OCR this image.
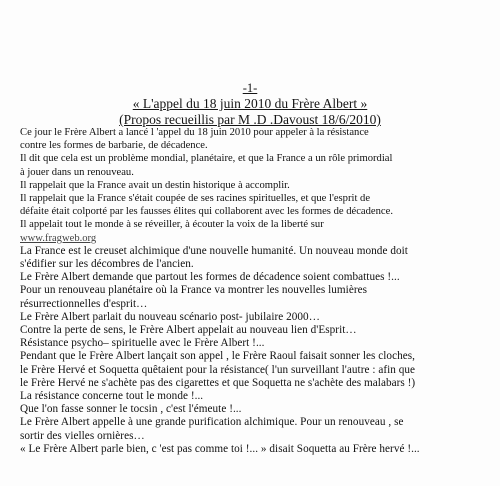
-1-
« L'appel du 18 juin 2010 du Frère Albert »
(Propos recueillis par M .D .Davoust 18/6/2010)

Ce jour le Frère Albert a lancé l 'appel du 18 juin 2010 pour appeler à la résistance

contre les formes de barbarie, de décadence.

Il dit que cela est un problème mondial, planétaire, et que la France a un rôle primordial

à jouer dans un renouveau.

Il rappelait que la France avait un destin historique à accomplir.

Il rappelait que la France s'était coupée de ses racines spirituelles, et que l'esprit de

défaite était colporté par les fausses élites qui collaborent avec les formes de décadence.

Il appelait tout le monde à se réveiller, à écouter la voix de la liberté sur

www.fragweb.org

La France est le creuset alchimique d'une nouvelle humanité. Un nouveau monde doit

s'édifier sur les décombres de l'ancien.

Le Frère Albert demande que partout les formes de décadence soient combattues !...

Pour un renouveau planétaire où la France va montrer les nouvelles lumières

résurrectionnelles d'esprit…

Le Frère Albert parlait du nouveau scénario post- jubilaire 2000…

Contre la perte de sens, le Frère Albert appelait au nouveau lien d'Esprit…

Résistance psycho– spirituelle avec le Frère Albert !...

Pendant que le Frère Albert lançait son appel , le Frère Raoul faisait sonner les cloches,

le Frère Hervé et Soquetta quêtaient pour la résistance( l'un surveillant l'autre : afin que

le Frère Hervé ne s'achète pas des cigarettes et que Soquetta ne s'achète des malabars !)

La résistance concerne tout le monde !...

Que l'on fasse sonner le tocsin , c'est l'émeute !...

Le Frère Albert appelle à une grande purification alchimique. Pour un renouveau , se

sortir des vielles ornières…

« Le Frère Albert parle bien, c 'est pas comme toi !... » disait Soquetta au Frère hervé !...
